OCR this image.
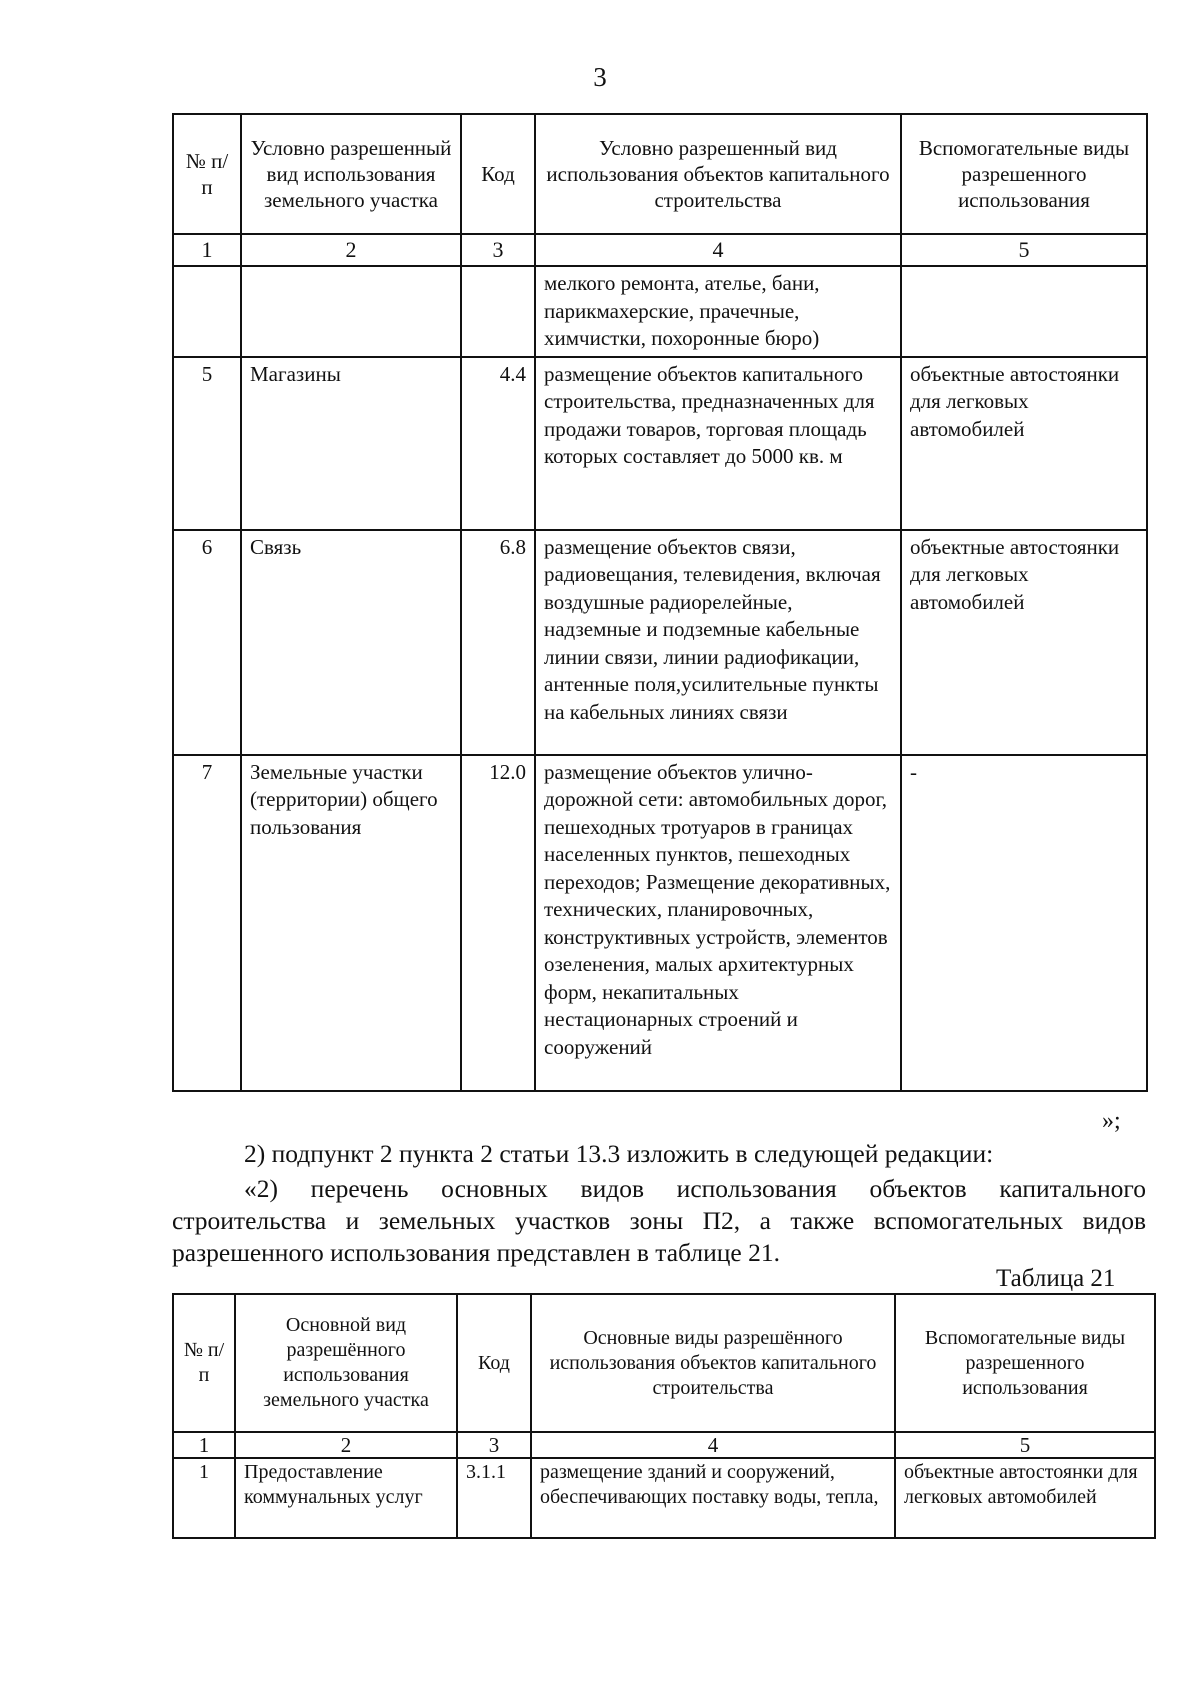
3
№ п/п	Условно разрешенный вид использования земельного участка	Код	Условно разрешенный вид использования объектов капитального строительства	Вспомогательные виды разрешенного использования
1	2	3	4	5
			мелкого ремонта, ателье, бани, парикмахерские, прачечные, химчистки, похоронные бюро)	
5	Магазины	4.4	размещение объектов капитального строительства, предназначенных для продажи товаров, торговая площадь которых составляет до 5000 кв. м	объектные автостоянки для легковых автомобилей
6	Связь	6.8	размещение объектов связи, радиовещания, телевидения, включая воздушные радиорелейные, надземные и подземные кабельные линии связи, линии радиофикации, антенные поля,усилительные пункты на кабельных линиях связи	объектные автостоянки для легковых автомобилей
7	Земельные участки (территории) общего пользования	12.0	размещение объектов улично-дорожной сети: автомобильных дорог, пешеходных тротуаров в границах населенных пунктов, пешеходных переходов; Размещение декоративных, технических, планировочных, конструктивных устройств, элементов озеленения, малых архитектурных форм, некапитальных нестационарных строений и сооружений	-
»;
2) подпункт 2 пункта 2 статьи 13.3 изложить в следующей редакции:
«2) перечень основных видов использования объектов капитального строительства и земельных участков зоны П2, а также вспомогательных видов разрешенного использования представлен в таблице 21.
Таблица 21
№ п/п	Основной вид разрешённого использования земельного участка	Код	Основные виды разрешённого использования объектов капитального строительства	Вспомогательные виды разрешенного использования
1	2	3	4	5
1	Предоставление коммунальных услуг	3.1.1	размещение зданий и сооружений, обеспечивающих поставку воды, тепла,	объектные автостоянки для легковых автомобилей
